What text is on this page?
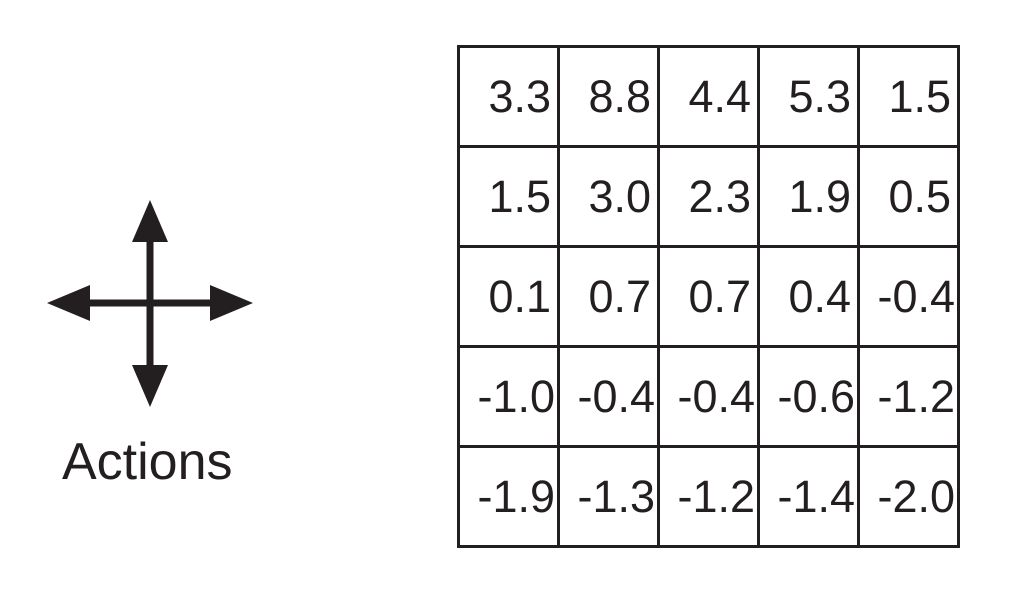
Actions
3.3	8.8	4.4	5.3	1.5
1.5	3.0	2.3	1.9	0.5
0.1	0.7	0.7	0.4	-0.4
-1.0	-0.4	-0.4	-0.6	-1.2
-1.9	-1.3	-1.2	-1.4	-2.0
